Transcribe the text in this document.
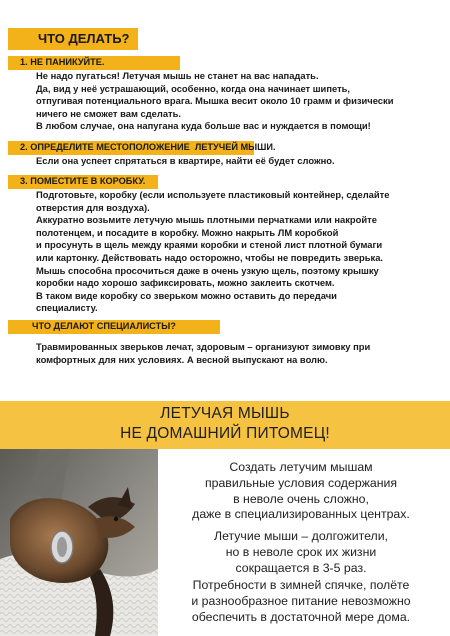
ЧТО ДЕЛАТЬ?
1. НЕ ПАНИКУЙТЕ.
Не надо пугаться! Летучая мышь не станет на вас нападать.
Да, вид у неё устрашающий, особенно, когда она начинает шипеть,
отпугивая потенциального врага. Мышка весит около 10 грамм и физически
ничего не сможет вам сделать.
В любом случае, она напугана куда больше вас и нуждается в помощи!
2. ОПРЕДЕЛИТЕ МЕСТОПОЛОЖЕНИЕ  ЛЕТУЧЕЙ МЫШИ.
Если она успеет спрятаться в квартире, найти её будет сложно.
3. ПОМЕСТИТЕ В КОРОБКУ.
Подготовьте, коробку (если используете пластиковый контейнер, сделайте
отверстия для воздуха).
Аккуратно возьмите летучую мышь плотными перчатками или накройте
полотенцем, и посадите в коробку. Можно накрыть ЛМ коробкой
и просунуть в щель между краями коробки и стеной лист плотной бумаги
или картонку. Действовать надо осторожно, чтобы не повредить зверька.
Мышь способна просочиться даже в очень узкую щель, поэтому крышку
коробки надо хорошо зафиксировать, можно заклеить скотчем.
В таком виде коробку со зверьком можно оставить до передачи
специалисту.
ЧТО ДЕЛАЮТ СПЕЦИАЛИСТЫ?
Травмированных зверьков лечат, здоровым – организуют зимовку при
комфортных для них условиях. А весной выпускают на волю.
ЛЕТУЧАЯ МЫШЬ
НЕ ДОМАШНИЙ ПИТОМЕЦ!
Создать летучим мышам
правильные условия содержания
в неволе очень сложно,
даже в специализированных центрах.
Летучие мыши – долгожители,
но в неволе срок их жизни
сокращается в 3-5 раз.
Потребности в зимней спячке, полёте
и разнообразное питание невозможно
обеспечить в достаточной мере дома.
